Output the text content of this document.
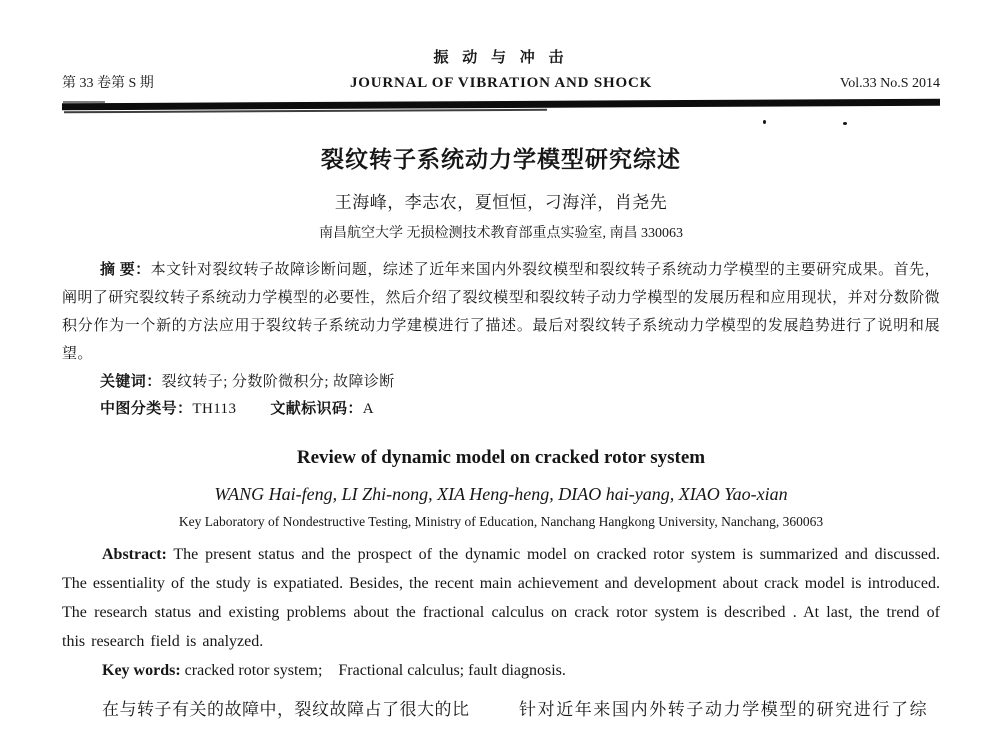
振 动 与 冲 击
第 33 卷第 S 期	JOURNAL OF VIBRATION AND SHOCK	Vol.33 No.S 2014
裂纹转子系统动力学模型研究综述
王海峰，李志农，夏恒恒，刁海洋，肖尧先
南昌航空大学 无损检测技术教育部重点实验室, 南昌 330063

摘 要：本文针对裂纹转子故障诊断问题，综述了近年来国内外裂纹模型和裂纹转子系统动力学模型的主要研究成果。首先，阐明了研究裂纹转子系统动力学模型的必要性，然后介绍了裂纹模型和裂纹转子动力学模型的发展历程和应用现状，并对分数阶微积分作为一个新的方法应用于裂纹转子系统动力学建模进行了描述。最后对裂纹转子系统动力学模型的发展趋势进行了说明和展望。

关键词：裂纹转子; 分数阶微积分; 故障诊断

中图分类号：TH113 文献标识码：A

Review of dynamic model on cracked rotor system
WANG Hai-feng, LI Zhi-nong, XIA Heng-heng, DIAO hai-yang, XIAO Yao-xian
Key Laboratory of Nondestructive Testing, Ministry of Education, Nanchang Hangkong University, Nanchang, 360063

Abstract: The present status and the prospect of the dynamic model on cracked rotor system is summarized and discussed. The essentiality of the study is expatiated. Besides, the recent main achievement and development about crack model is introduced. The research status and existing problems about the fractional calculus on crack rotor system is described . At last, the trend of this research field is analyzed.

Key words: cracked rotor system;    Fractional calculus; fault diagnosis.

在与转子有关的故障中，裂纹故障占了很大的比	针对近年来国内外转子动力学模型的研究进行了综
